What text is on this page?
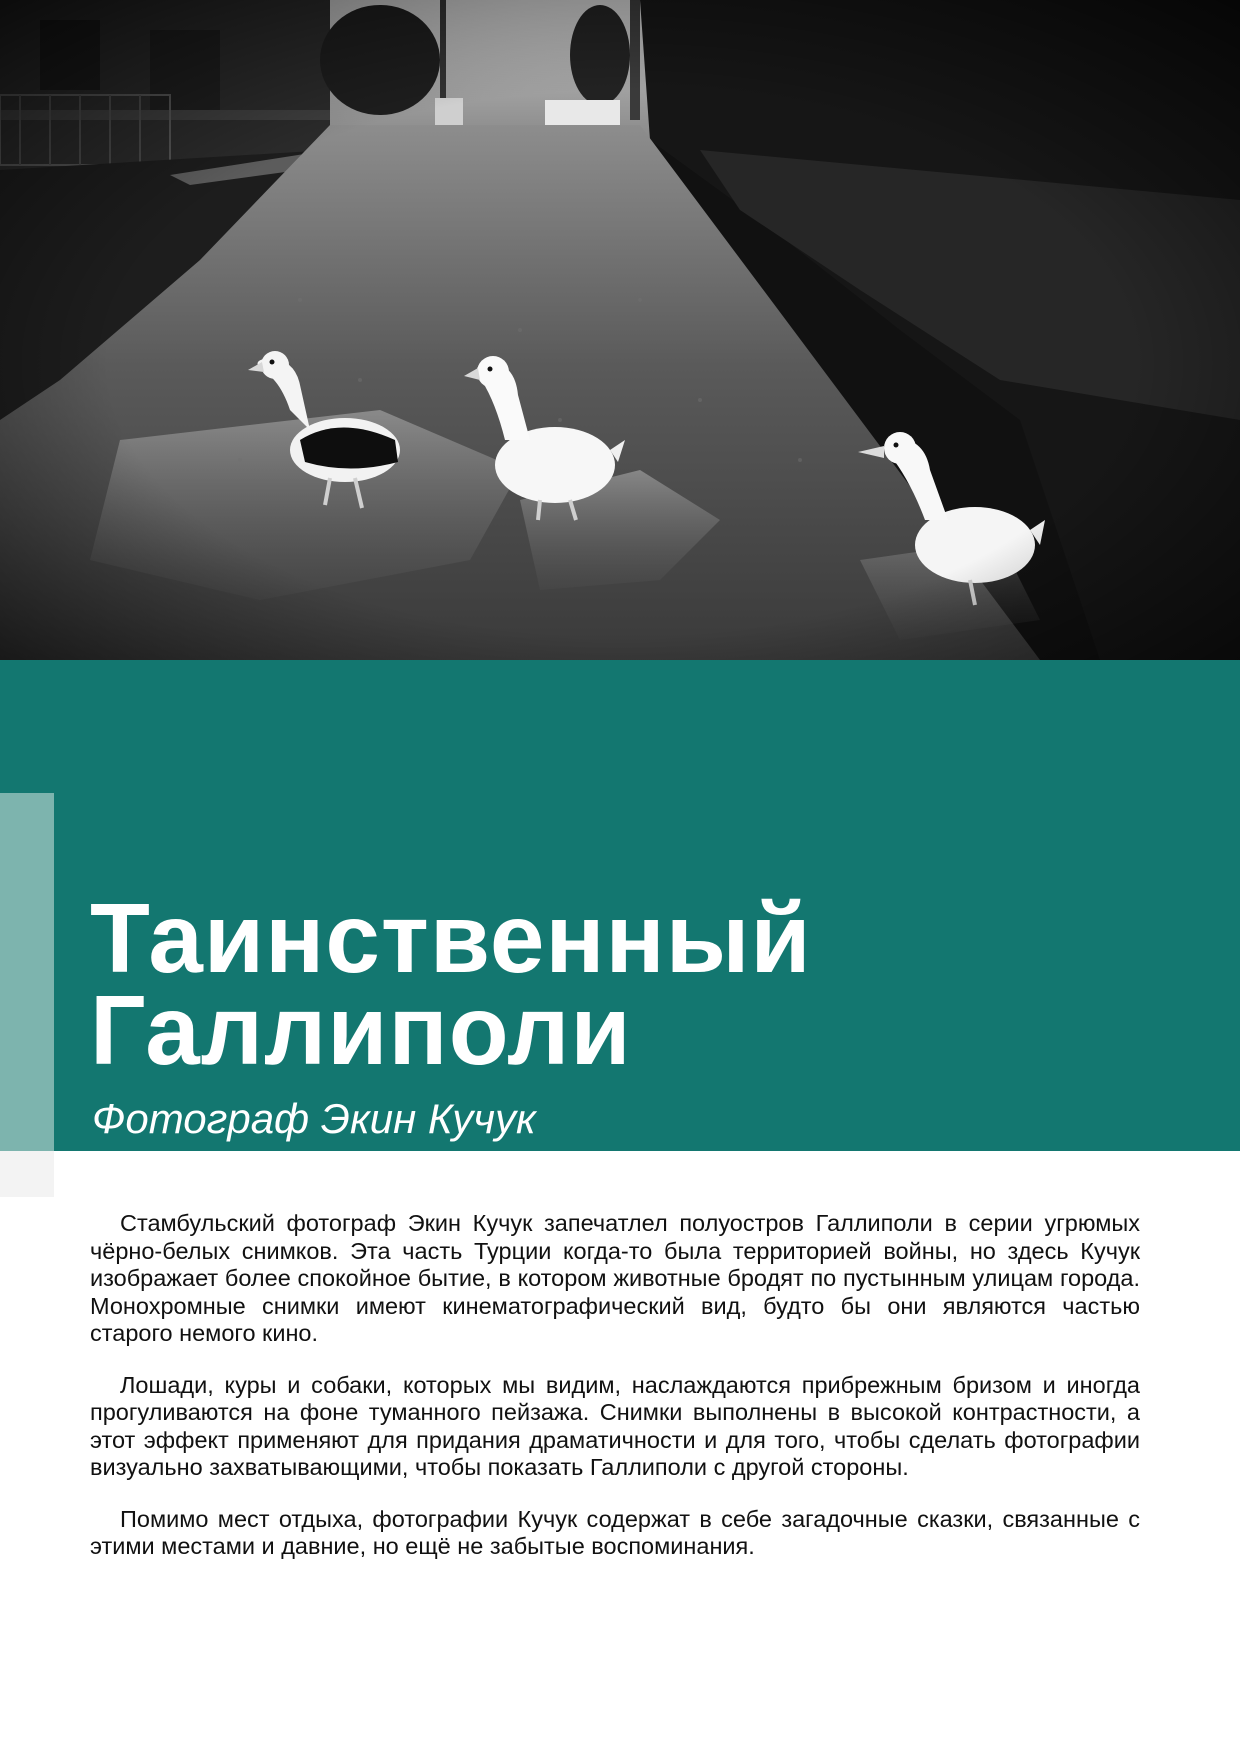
Таинственный
Галлиполи

Фотограф Экин Кучук

Стамбульский фотограф Экин Кучук запечатлел полуостров Галлиполи в серии угрюмых чёрно-белых снимков. Эта часть Турции когда-то была территорией войны, но здесь Кучук изображает более спокойное бытие, в котором животные бродят по пустынным улицам города. Монохромные снимки имеют кинематографический вид, будто бы они являются частью старого немого кино.

Лошади, куры и собаки, которых мы видим, наслаждаются прибрежным бризом и иногда прогуливаются на фоне туманного пейзажа. Снимки выполнены в высокой контрастности, а этот эффект применяют для придания драматичности и для того, чтобы сделать фотографии визуально захватывающими, чтобы показать Галлиполи с другой стороны.

Помимо мест отдыха, фотографии Кучук содержат в себе загадочные сказки, связанные с этими местами и давние, но ещё не забытые воспоминания.
